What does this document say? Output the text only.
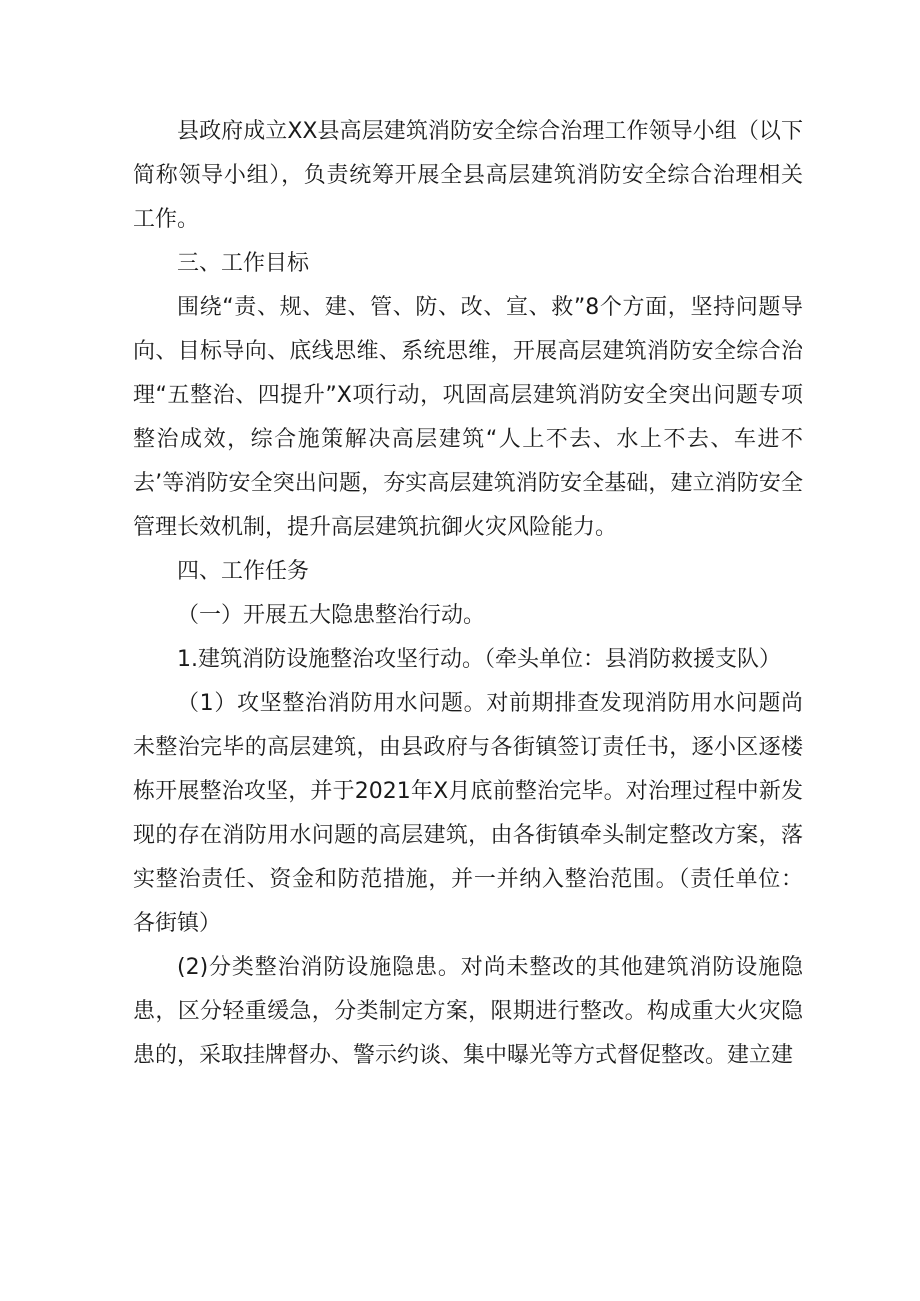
县政府成立XX县高层建筑消防安全综合治理工作领导小组（以下简称领导小组），负责统筹开展全县高层建筑消防安全综合治理相关工作。

三、工作目标

围绕“责、规、建、管、防、改、宣、救”8个方面，坚持问题导向、目标导向、底线思维、系统思维，开展高层建筑消防安全综合治理“五整治、四提升”X项行动，巩固高层建筑消防安全突出问题专项整治成效，综合施策解决高层建筑“人上不去、水上不去、车进不去’等消防安全突出问题，夯实高层建筑消防安全基础，建立消防安全管理长效机制，提升高层建筑抗御火灾风险能力。

四、工作任务

（一）开展五大隐患整治行动。

1.建筑消防设施整治攻坚行动。（牵头单位：县消防救援支队）

（1）攻坚整治消防用水问题。对前期排查发现消防用水问题尚未整治完毕的高层建筑，由县政府与各街镇签订责任书，逐小区逐楼栋开展整治攻坚，并于2021年X月底前整治完毕。对治理过程中新发现的存在消防用水问题的高层建筑，由各街镇牵头制定整改方案，落实整治责任、资金和防范措施，并一并纳入整治范围。（责任单位：各街镇）

(2)分类整治消防设施隐患。对尚未整改的其他建筑消防设施隐患，区分轻重缓急，分类制定方案，限期进行整改。构成重大火灾隐患的，采取挂牌督办、警示约谈、集中曝光等方式督促整改。建立建
